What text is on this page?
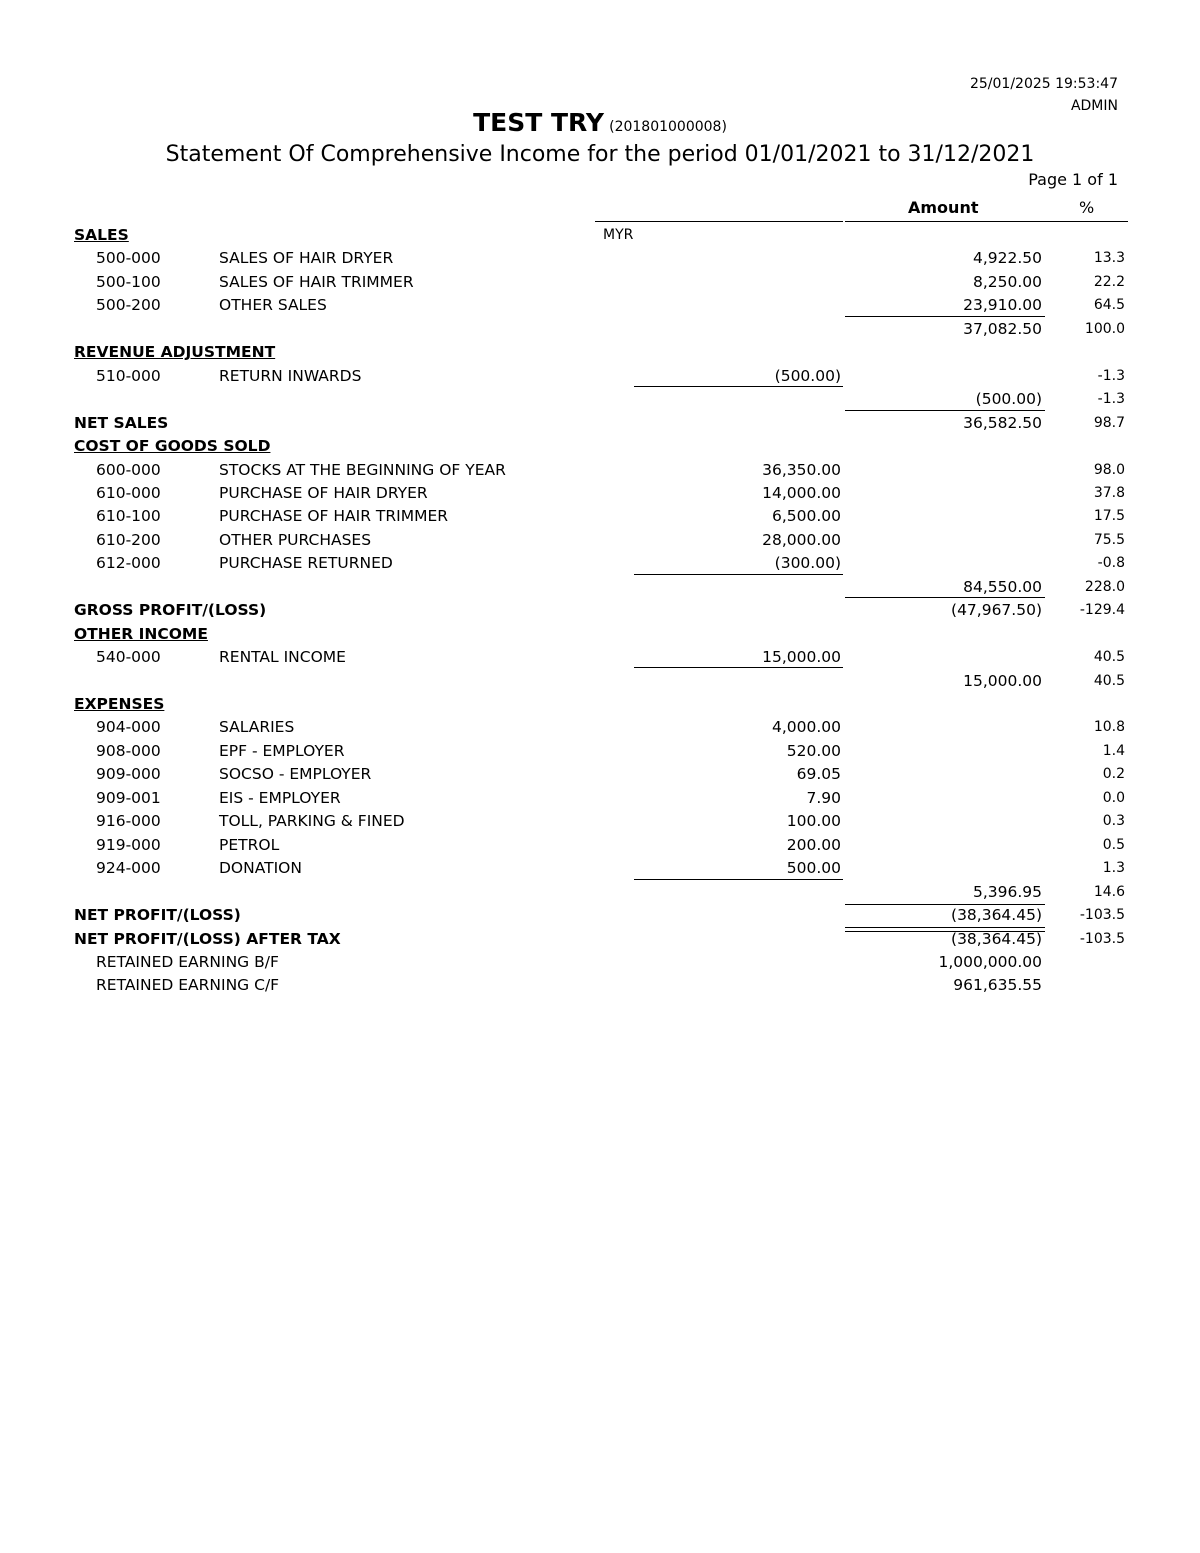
25/01/2025 19:53:47
ADMIN
TEST TRY (201801000008)
Statement Of Comprehensive Income for the period 01/01/2021 to 31/12/2021
Page 1 of 1
Amount	%
MYR
SALES
500-000	SALES OF HAIR DRYER	4,922.50	13.3
500-100	SALES OF HAIR TRIMMER	8,250.00	22.2
500-200	OTHER SALES	23,910.00	64.5
37,082.50	100.0
REVENUE ADJUSTMENT
510-000	RETURN INWARDS	(500.00)	-1.3
(500.00)	-1.3
NET SALES	36,582.50	98.7
COST OF GOODS SOLD
600-000	STOCKS AT THE BEGINNING OF YEAR	36,350.00	98.0
610-000	PURCHASE OF HAIR DRYER	14,000.00	37.8
610-100	PURCHASE OF HAIR TRIMMER	6,500.00	17.5
610-200	OTHER PURCHASES	28,000.00	75.5
612-000	PURCHASE RETURNED	(300.00)	-0.8
84,550.00	228.0
GROSS PROFIT/(LOSS)	(47,967.50)	-129.4
OTHER INCOME
540-000	RENTAL INCOME	15,000.00	40.5
15,000.00	40.5
EXPENSES
904-000	SALARIES	4,000.00	10.8
908-000	EPF - EMPLOYER	520.00	1.4
909-000	SOCSO - EMPLOYER	69.05	0.2
909-001	EIS - EMPLOYER	7.90	0.0
916-000	TOLL, PARKING & FINED	100.00	0.3
919-000	PETROL	200.00	0.5
924-000	DONATION	500.00	1.3
5,396.95	14.6
NET PROFIT/(LOSS)	(38,364.45)	-103.5
NET PROFIT/(LOSS) AFTER TAX	(38,364.45)	-103.5
RETAINED EARNING B/F	1,000,000.00
RETAINED EARNING C/F	961,635.55
